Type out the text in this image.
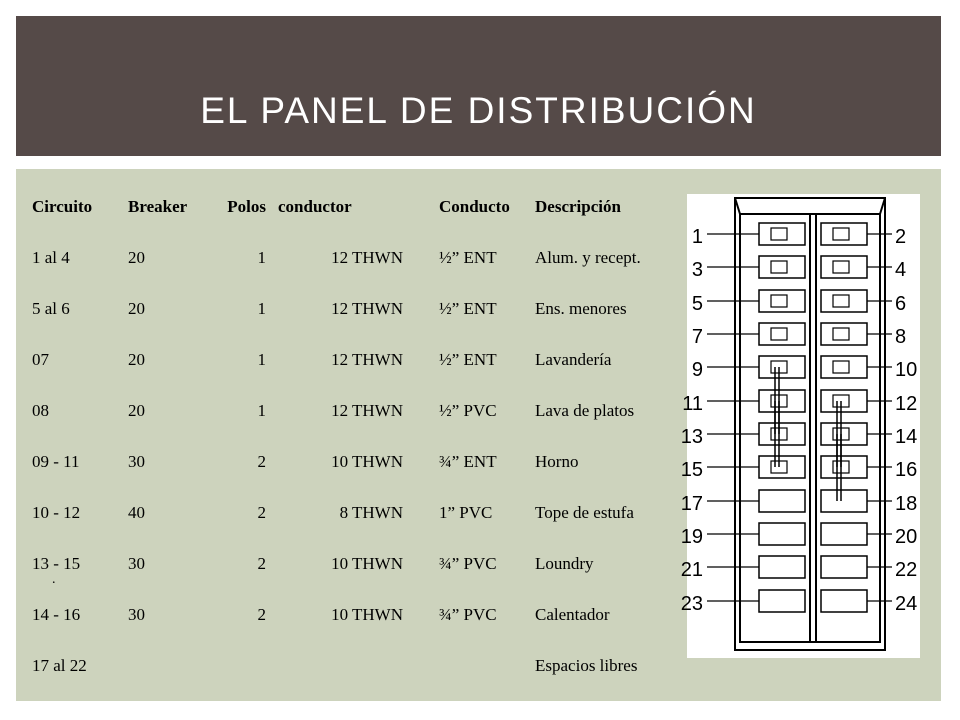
EL PANEL DE DISTRIBUCIÓN
Circuito	Breaker	Polos	conductor	Conducto	Descripción
1 al 4	20	1	12 THWN	½” ENT	Alum. y recept.
5 al 6	20	1	12 THWN	½” ENT	Ens. menores
07	20	1	12 THWN	½” ENT	Lavandería
08	20	1	12 THWN	½” PVC	Lava de platos
09 - 11	30	2	10 THWN	¾” ENT	Horno
10 - 12	40	2	8 THWN	1” PVC	Tope de estufa
13 - 15	30	2	10 THWN	¾” PVC	Loundry
14 - 16	30	2	10 THWN	¾” PVC	Calentador
17 al 22					Espacios libres
.
1	2
3	4
5	6
7	8
9	10
11	12
13	14
15	16
17	18
19	20
21	22
23	24
